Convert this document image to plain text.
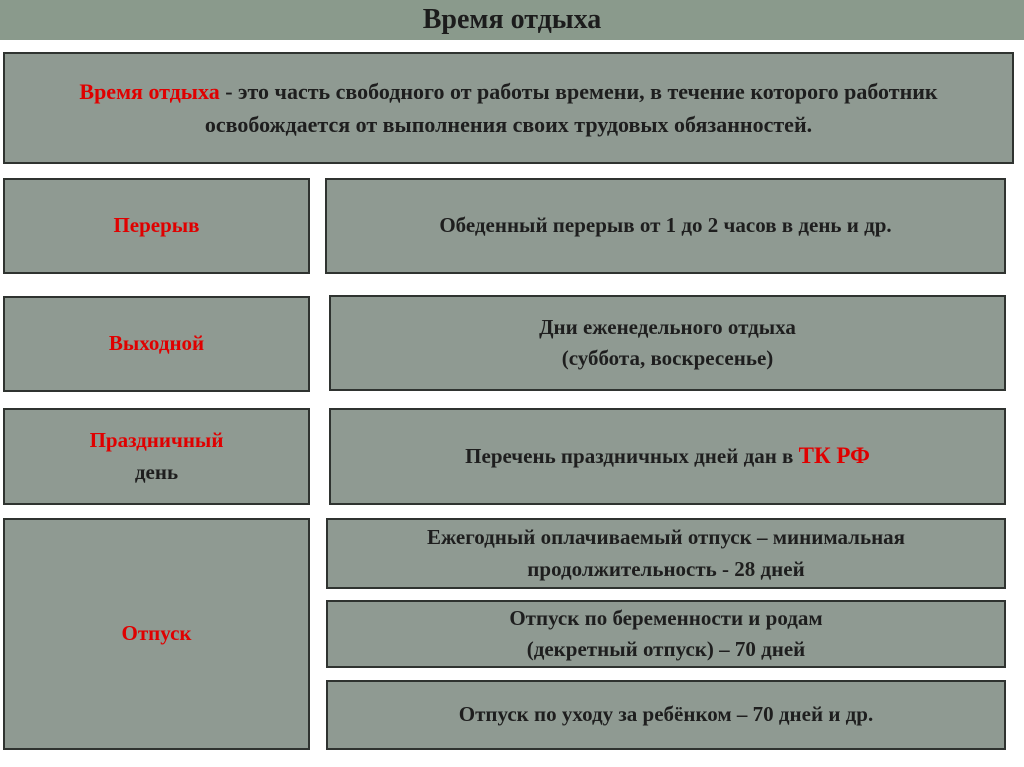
Время отдыха
Время отдыха - это часть свободного от работы времени, в течение которого работник освобождается от выполнения своих трудовых обязанностей.
Перерыв	Обеденный перерыв от 1 до 2 часов в день и др.
Выходной
Дни еженедельного отдыха
(суббота, воскресенье)
Праздничный
день
Перечень праздничных дней дан в ТК РФ
Отпуск
Ежегодный оплачиваемый отпуск – минимальная
продолжительность - 28 дней
Отпуск по беременности и родам
(декретный отпуск) – 70 дней
Отпуск по уходу за ребёнком – 70 дней и др.
